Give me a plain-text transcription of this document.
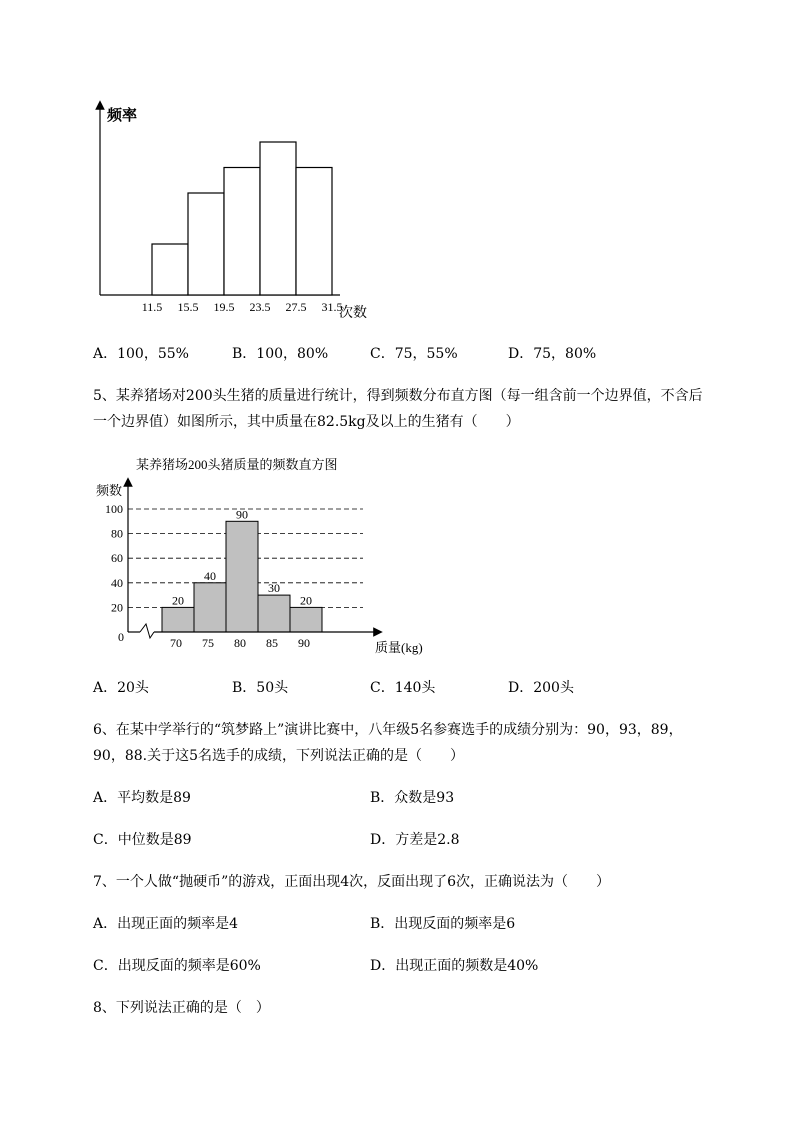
频率
次数
11.5 15.5 19.5 23.5 27.5 31.5
A．100，55%	B．100，80%	C．75，55%	D．75，80%
5、某养猪场对200头生猪的质量进行统计，得到频数分布直方图（每一组含前一个边界值，不含后
一个边界值）如图所示，其中质量在82.5kg及以上的生猪有（　　）
某养猪场200头猪质量的频数直方图
频数
质量(kg)
0
20
40
60
80
100
70 75 80 85 90
20
40
90
30
20
A．20头	B．50头	C．140头	D．200头
6、在某中学举行的“筑梦路上”演讲比赛中，八年级5名参赛选手的成绩分别为：90，93，89，
90，88.关于这5名选手的成绩，下列说法正确的是（　　）
A．平均数是89	B．众数是93
C．中位数是89	D．方差是2.8
7、一个人做“抛硬币”的游戏，正面出现4次，反面出现了6次，正确说法为（　　）
A．出现正面的频率是4	B．出现反面的频率是6
C．出现反面的频率是60%	D．出现正面的频数是40%
8、下列说法正确的是（　）
